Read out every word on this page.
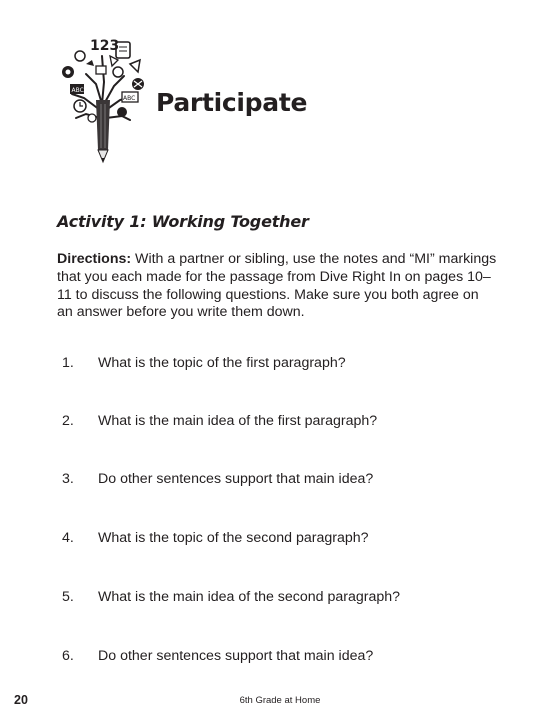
123
ABC
ABC Participate
Activity 1: Working Together

Directions: With a partner or sibling, use the notes and “MI” markings that you each made for the passage from Dive Right In on pages 10–11 to discuss the following questions. Make sure you both agree on an answer before you write them down.

1.	What is the topic of the first paragraph?
2.	What is the main idea of the first paragraph?
3.	Do other sentences support that main idea?
4.	What is the topic of the second paragraph?
5.	What is the main idea of the second paragraph?
6.	Do other sentences support that main idea?
20	6th Grade at Home
